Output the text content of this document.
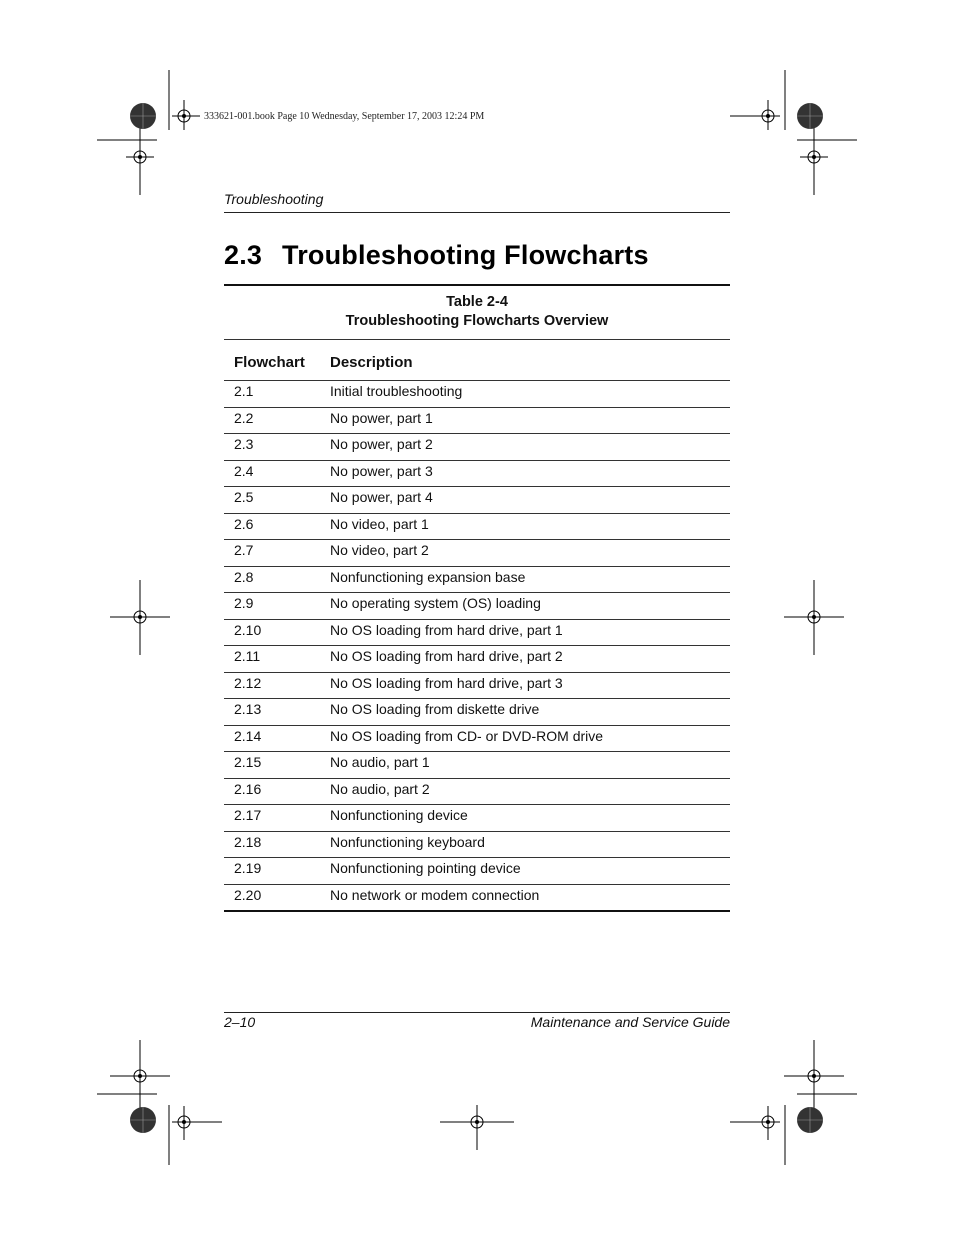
333621-001.book Page 10 Wednesday, September 17, 2003 12:24 PM
Troubleshooting
2.3 Troubleshooting Flowcharts
Table 2-4
Troubleshooting Flowcharts Overview
Flowchart Description
2.1	Initial troubleshooting
2.2	No power, part 1
2.3	No power, part 2
2.4	No power, part 3
2.5	No power, part 4
2.6	No video, part 1
2.7	No video, part 2
2.8	Nonfunctioning expansion base
2.9	No operating system (OS) loading
2.10	No OS loading from hard drive, part 1
2.11	No OS loading from hard drive, part 2
2.12	No OS loading from hard drive, part 3
2.13	No OS loading from diskette drive
2.14	No OS loading from CD- or DVD-ROM drive
2.15	No audio, part 1
2.16	No audio, part 2
2.17	Nonfunctioning device
2.18	Nonfunctioning keyboard
2.19	Nonfunctioning pointing device
2.20	No network or modem connection
2–10	Maintenance and Service Guide
